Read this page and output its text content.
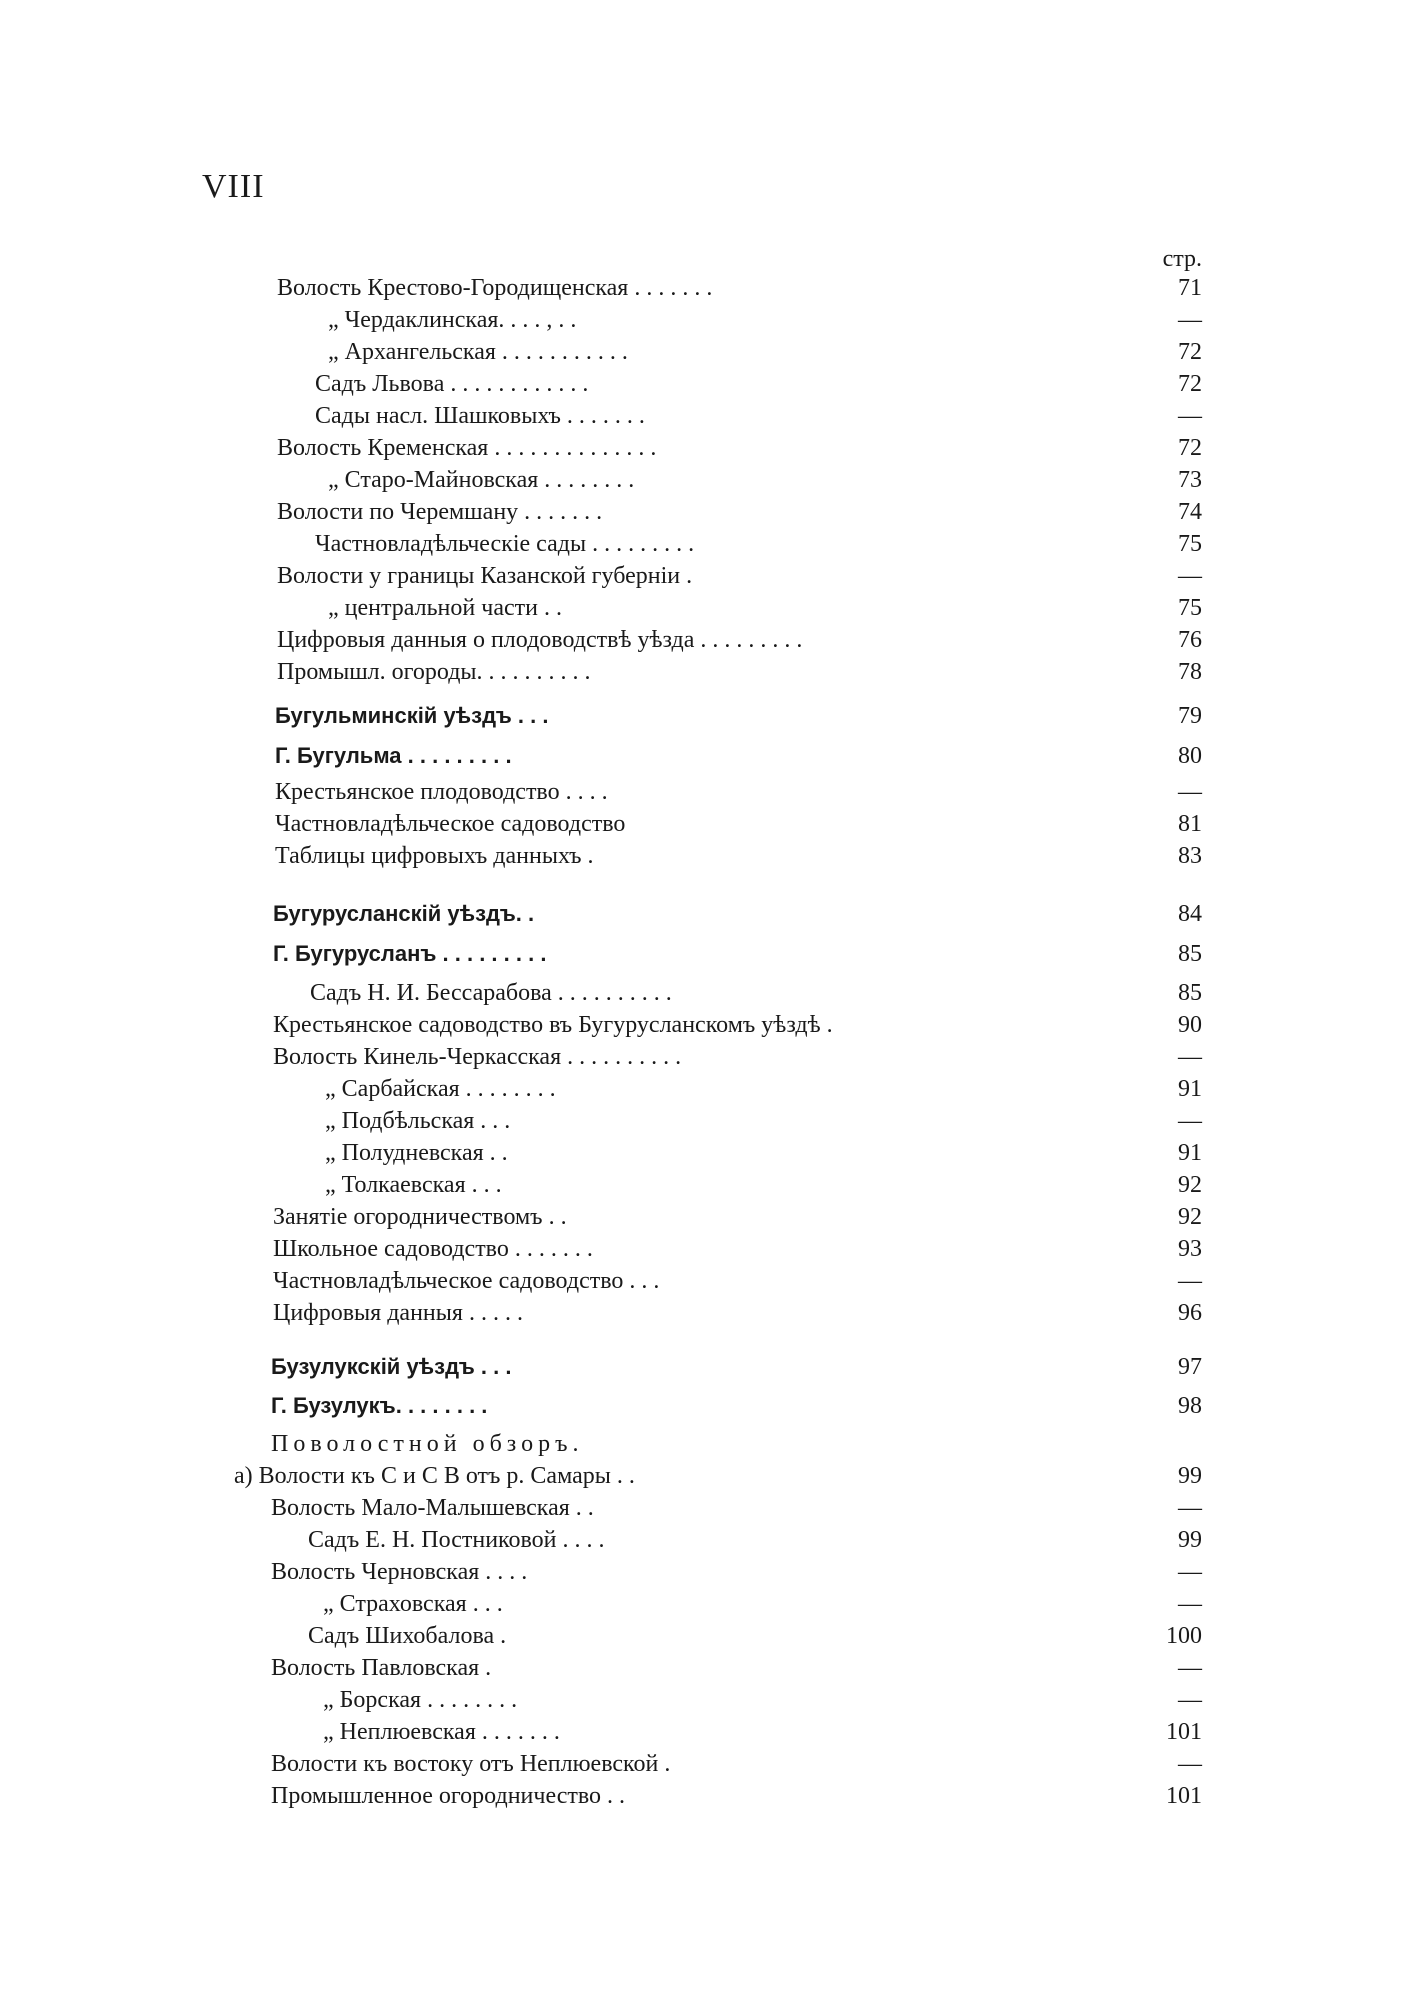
VIII
стр.
Волость Крестово-Городищенская . . . . . . .	71
„ Чердаклинская. . . . , . .	—
„ Архангельская . . . . . . . . . . .	72
Садъ Львова . . . . . . . . . . . .	72
Сады насл. Шашковыхъ . . . . . . .	—
Волость Кременская . . . . . . . . . . . . . .	72
„ Старо-Майновская . . . . . . . .	73
Волости по Черемшану . . . . . . .	74
Частновладѣльческіе сады . . . . . . . . .	75
Волости у границы Казанской губерніи .	—
„ центральной части . .	75
Цифровыя данныя о плодоводствѣ уѣзда . . . . . . . . .	76
Промышл. огороды. . . . . . . . . .	78
Бугульминскій уѣздъ . . .	79
Г. Бугульма . . . . . . . . .	80
Крестьянское плодоводство . . . .	—
Частновладѣльческое садоводство	81
Таблицы цифровыхъ данныхъ .	83
Бугурусланскій уѣздъ. .	84
Г. Бугурусланъ . . . . . . . . .	85
Садъ Н. И. Бессарабова . . . . . . . . . .	85
Крестьянское садоводство въ Бугурусланскомъ уѣздѣ .	90
Волость Кинель-Черкасская . . . . . . . . . .	—
„ Сарбайская . . . . . . . .	91
„ Подбѣльская . . .	—
„ Полудневская . .	91
„ Толкаевская . . .	92
Занятіе огородничествомъ . .	92
Школьное садоводство . . . . . . .	93
Частновладѣльческое садоводство . . .	—
Цифровыя данныя . . . . .	96
Бузулукскій уѣздъ . . .	97
Г. Бузулукъ. . . . . . . .	98
Поволостной обзоръ.
а) Волости къ С и С В отъ р. Самары . .	99
Волость Мало-Малышевская . .	—
Садъ Е. Н. Постниковой . . . .	99
Волость Черновская . . . .	—
„ Страховская . . .	—
Садъ Шихобалова .	100
Волость Павловская .	—
„ Борская . . . . . . . .	—
„ Неплюевская . . . . . . .	101
Волости къ востоку отъ Неплюевской .	—
Промышленное огородничество . .	101
